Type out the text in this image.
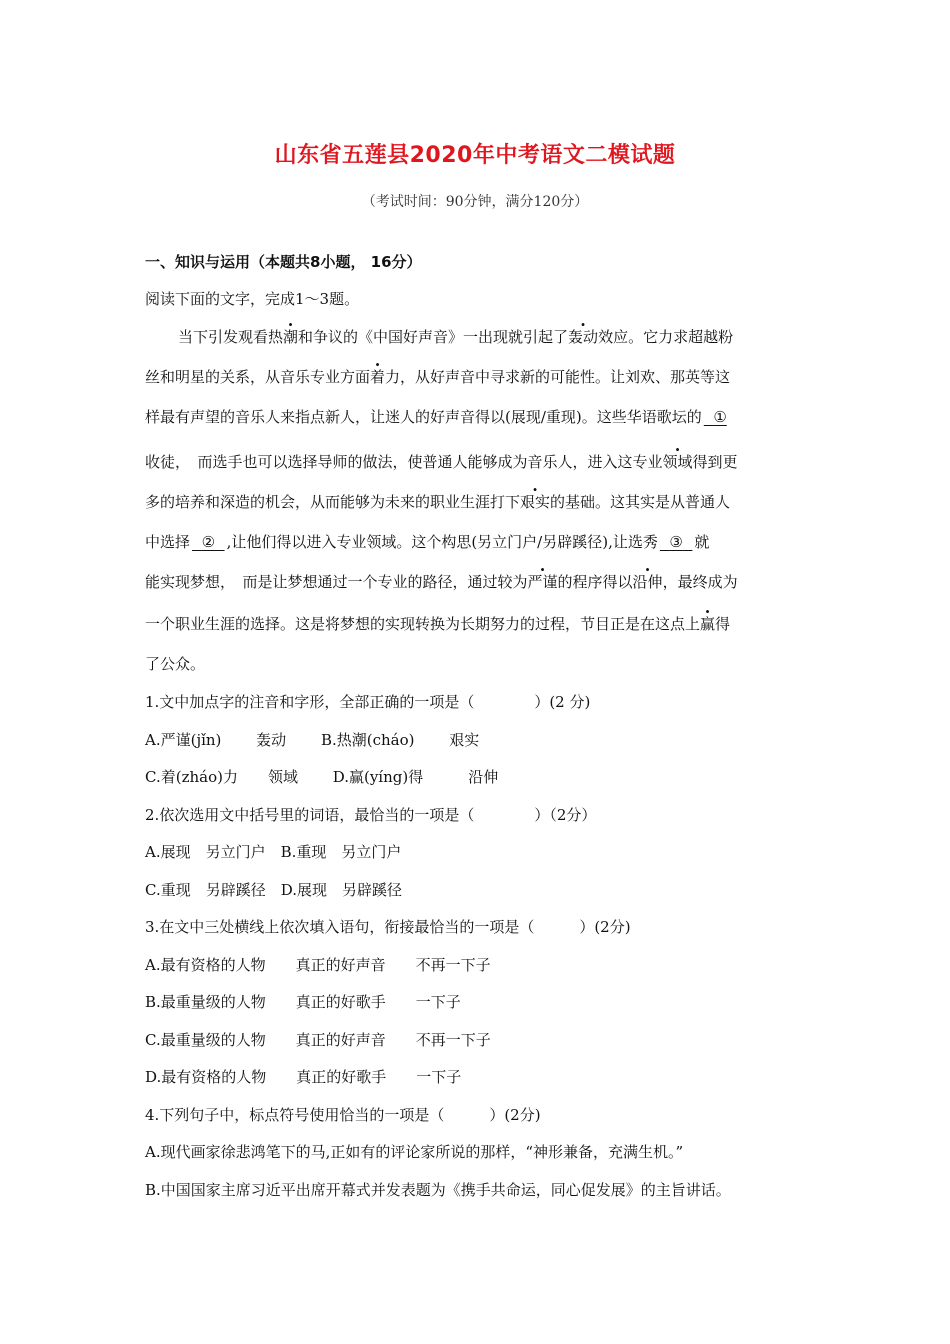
山东省五莲县2020年中考语文二模试题
（考试时间：90分钟，满分120分）
一、知识与运用（本题共8小题， 16分）
阅读下面的文字，完成1～3题。
当下引发观看热潮和争议的《中国好声音》一出现就引起了轰动效应。它力求超越粉
丝和明星的关系，从音乐专业方面着力，从好声音中寻求新的可能性。让刘欢、那英等这
样最有声望的音乐人来指点新人，让迷人的好声音得以(展现/重现)。这些华语歌坛的 ①
收徒，　而选手也可以选择导师的做法，使普通人能够成为音乐人，进入这专业领域得到更
多的培养和深造的机会，从而能够为未来的职业生涯打下艰实的基础。这其实是从普通人
中选择 ② ,让他们得以进入专业领域。这个构思(另立门户/另辟蹊径),让选秀 ③ 就
能实现梦想，　而是让梦想通过一个专业的路径，通过较为严谨的程序得以沿伸，最终成为
一个职业生涯的选择。这是将梦想的实现转换为长期努力的过程，节目正是在这点上赢得
了公众。
1.文中加点字的注音和字形，全部正确的一项是（　　　　）(2 分)
A.严谨(jǐn)　　 轰动　　 B.热潮(cháo)　　 艰实
C.着(zháo)力　　领域　　 D.赢(yíng)得　　　沿伸
2.依次选用文中括号里的词语，最恰当的一项是（　　　　）（2分）
A.展现　另立门户　B.重现　另立门户
C.重现　另辟蹊径　D.展现　另辟蹊径
3.在文中三处横线上依次填入语句，衔接最恰当的一项是（　　　）(2分)
A.最有资格的人物　　真正的好声音　　不再一下子
B.最重量级的人物　　真正的好歌手　　一下子
C.最重量级的人物　　真正的好声音　　不再一下子
D.最有资格的人物　　真正的好歌手　　一下子
4.下列句子中，标点符号使用恰当的一项是（　　　）(2分)
A.现代画家徐悲鸿笔下的马,正如有的评论家所说的那样，“神形兼备，充满生机。”
B.中国国家主席习近平出席开幕式并发表题为《携手共命运，同心促发展》的主旨讲话。
